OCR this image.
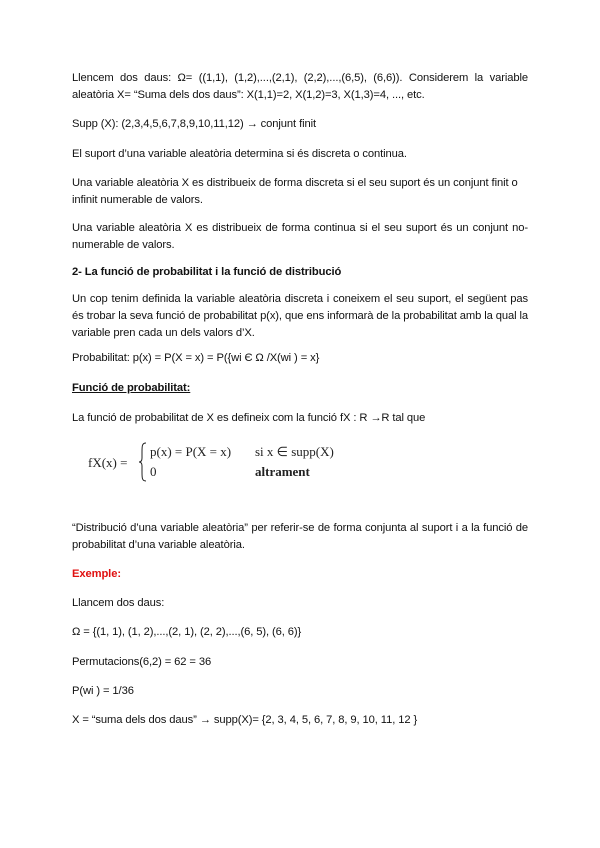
Llencem dos daus: Ω= ((1,1), (1,2),...,(2,1), (2,2),...,(6,5), (6,6)). Considerem la variable aleatòria X= “Suma dels dos daus”: X(1,1)=2, X(1,2)=3, X(1,3)=4, ..., etc.

Supp (X): (2,3,4,5,6,7,8,9,10,11,12) → conjunt finit

El suport d’una variable aleatòria determina si és discreta o continua.

Una variable aleatòria X es distribueix de forma discreta si el seu suport és un conjunt finit o infinit numerable de valors.

Una variable aleatòria X es distribueix de forma continua si el seu suport és un conjunt no-numerable de valors.

2- La funció de probabilitat i la funció de distribució

Un cop tenim definida la variable aleatòria discreta i coneixem el seu suport, el següent pas és trobar la seva funció de probabilitat p(x), que ens informarà de la probabilitat amb la qual la variable pren cada un dels valors d’X.

Probabilitat: p(x) = P(X = x) = P({wi Є Ω /X(wi ) = x}

Funció de probabilitat:

La funció de probabilitat de X es defineix com la funció fX : R →R tal que

fX(x) =
p(x) = P(X = x) si x ∈ supp(X)
0	altrament

“Distribució d’una variable aleatòria” per referir-se de forma conjunta al suport i a la funció de probabilitat d’una variable aleatòria.

Exemple:

Llancem dos daus:

Ω = {(1, 1), (1, 2),...,(2, 1), (2, 2),...,(6, 5), (6, 6)}

Permutacions(6,2) = 62 = 36

P(wi ) = 1/36

X = “suma dels dos daus” → supp(X)= {2, 3, 4, 5, 6, 7, 8, 9, 10, 11, 12 }
